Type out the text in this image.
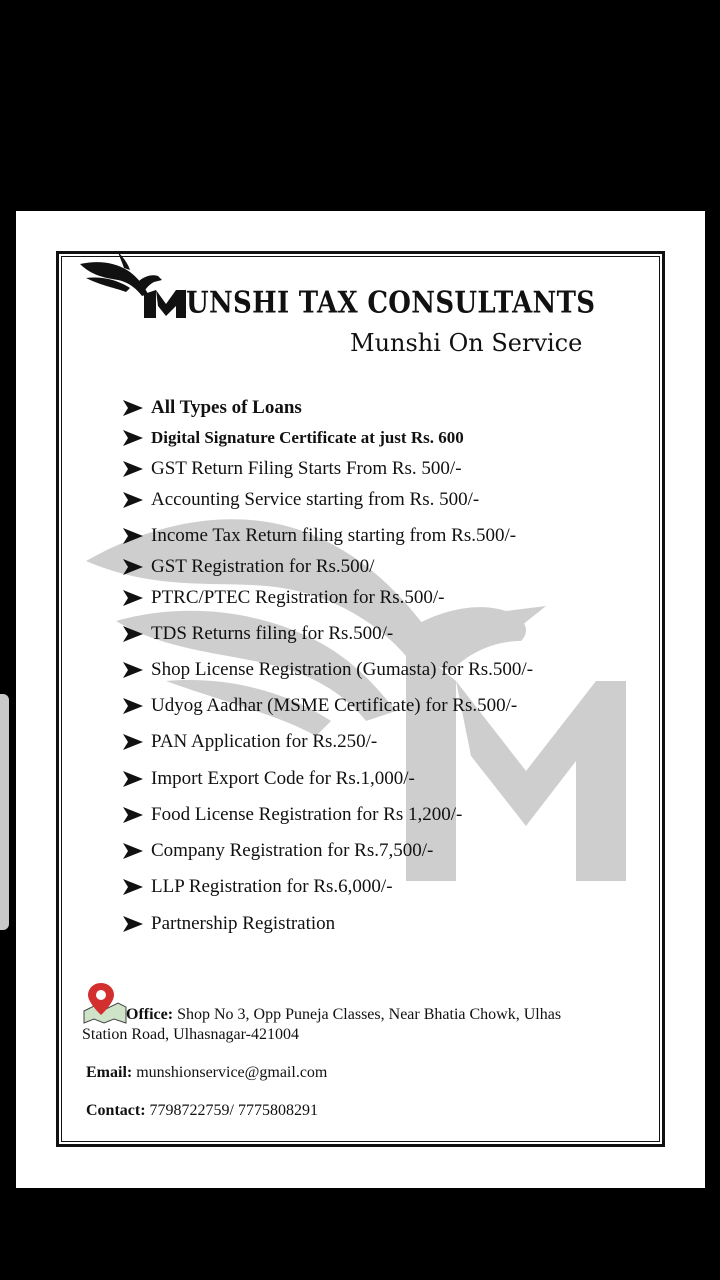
UNSHI TAX CONSULTANTS
Munshi On Service
All Types of Loans
Digital Signature Certificate at just Rs. 600
GST Return Filing Starts From Rs. 500/-
Accounting Service starting from Rs. 500/-
Income Tax Return filing starting from Rs.500/-
GST Registration for Rs.500/
PTRC/PTEC Registration for Rs.500/-
TDS Returns filing for Rs.500/-
Shop License Registration (Gumasta) for Rs.500/-
Udyog Aadhar (MSME Certificate) for Rs.500/-
PAN Application for Rs.250/-
Import Export Code for Rs.1,000/-
Food License Registration for Rs 1,200/-
Company Registration for Rs.7,500/-
LLP Registration for Rs.6,000/-
Partnership Registration
Office: Shop No 3, Opp Puneja Classes, Near Bhatia Chowk, Ulhas
Station Road, Ulhasnagar-421004
Email: munshionservice@gmail.com
Contact: 7798722759/ 7775808291
